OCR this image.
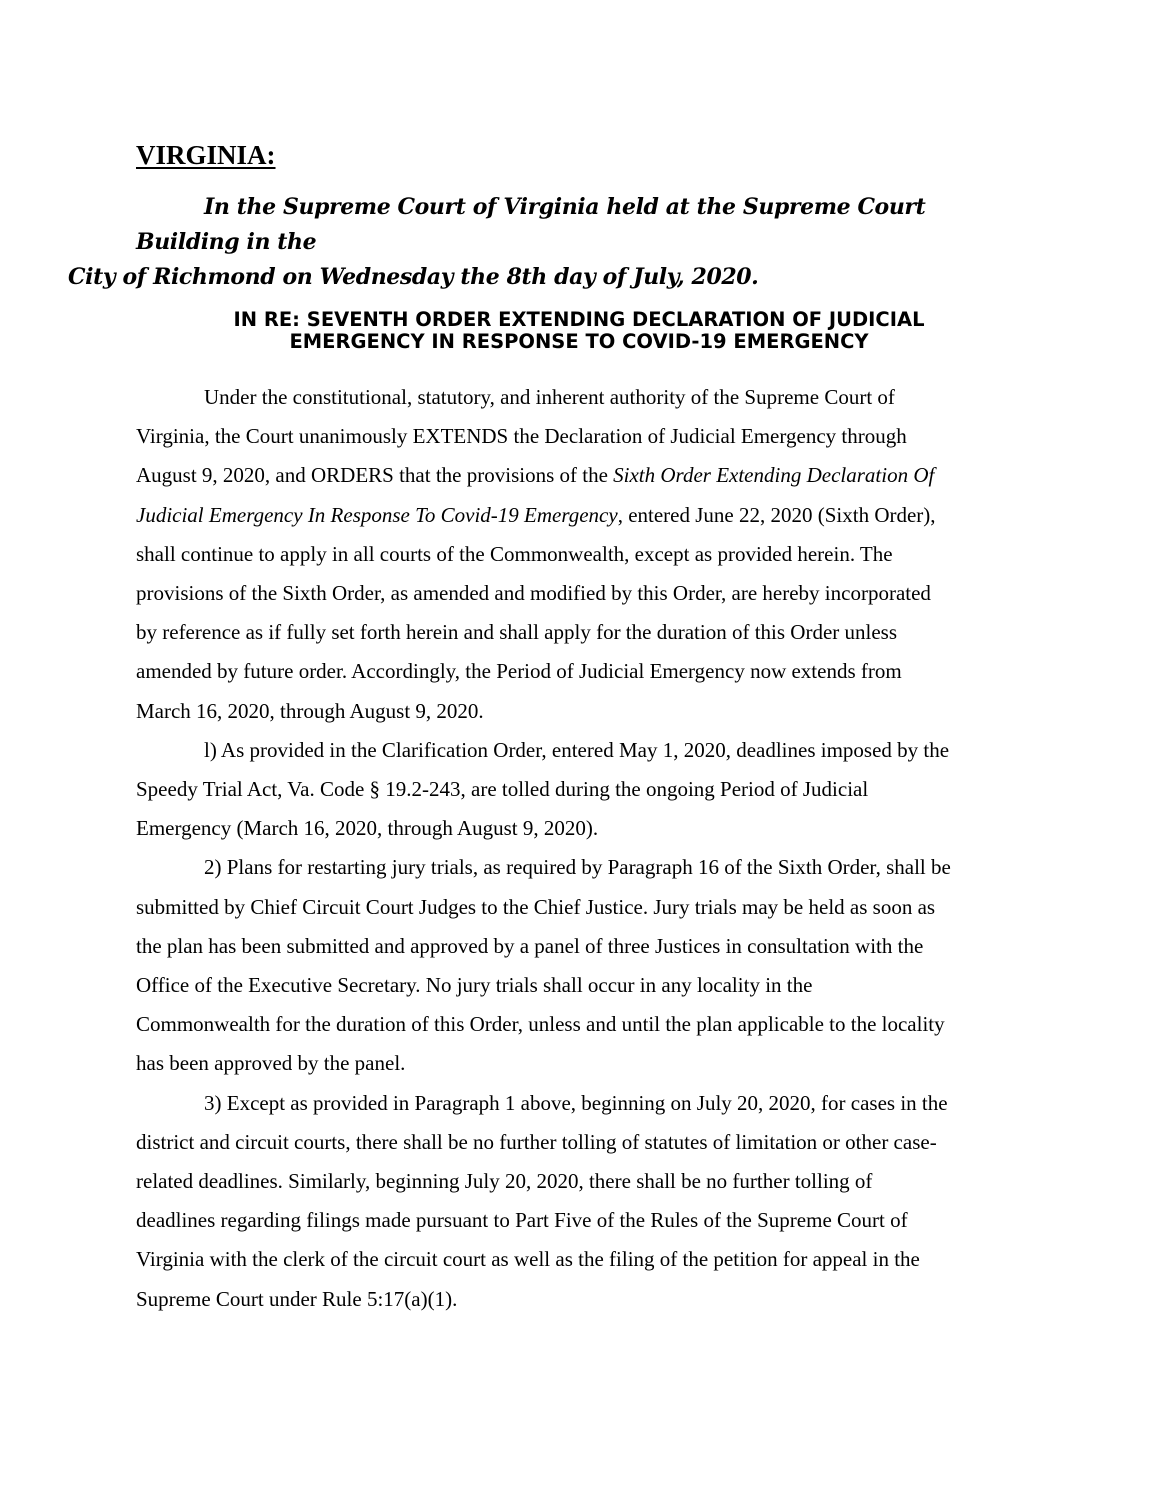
VIRGINIA:

In the Supreme Court of Virginia held at the Supreme Court Building in the
City of Richmond on Wednesday the 8th day of July, 2020.

IN RE: SEVENTH ORDER EXTENDING DECLARATION OF JUDICIAL
EMERGENCY IN RESPONSE TO COVID-19 EMERGENCY
Under the constitutional, statutory, and inherent authority of the Supreme Court of
Virginia, the Court unanimously EXTENDS the Declaration of Judicial Emergency through
August 9, 2020, and ORDERS that the provisions of the Sixth Order Extending Declaration Of
Judicial Emergency In Response To Covid-19 Emergency, entered June 22, 2020 (Sixth Order),
shall continue to apply in all courts of the Commonwealth, except as provided herein. The
provisions of the Sixth Order, as amended and modified by this Order, are hereby incorporated
by reference as if fully set forth herein and shall apply for the duration of this Order unless
amended by future order. Accordingly, the Period of Judicial Emergency now extends from
March 16, 2020, through August 9, 2020.
l) As provided in the Clarification Order, entered May 1, 2020, deadlines imposed by the
Speedy Trial Act, Va. Code § 19.2-243, are tolled during the ongoing Period of Judicial
Emergency (March 16, 2020, through August 9, 2020).
2) Plans for restarting jury trials, as required by Paragraph 16 of the Sixth Order, shall be
submitted by Chief Circuit Court Judges to the Chief Justice. Jury trials may be held as soon as
the plan has been submitted and approved by a panel of three Justices in consultation with the
Office of the Executive Secretary. No jury trials shall occur in any locality in the
Commonwealth for the duration of this Order, unless and until the plan applicable to the locality
has been approved by the panel.
3) Except as provided in Paragraph 1 above, beginning on July 20, 2020, for cases in the
district and circuit courts, there shall be no further tolling of statutes of limitation or other case-
related deadlines. Similarly, beginning July 20, 2020, there shall be no further tolling of
deadlines regarding filings made pursuant to Part Five of the Rules of the Supreme Court of
Virginia with the clerk of the circuit court as well as the filing of the petition for appeal in the
Supreme Court under Rule 5:17(a)(1).
